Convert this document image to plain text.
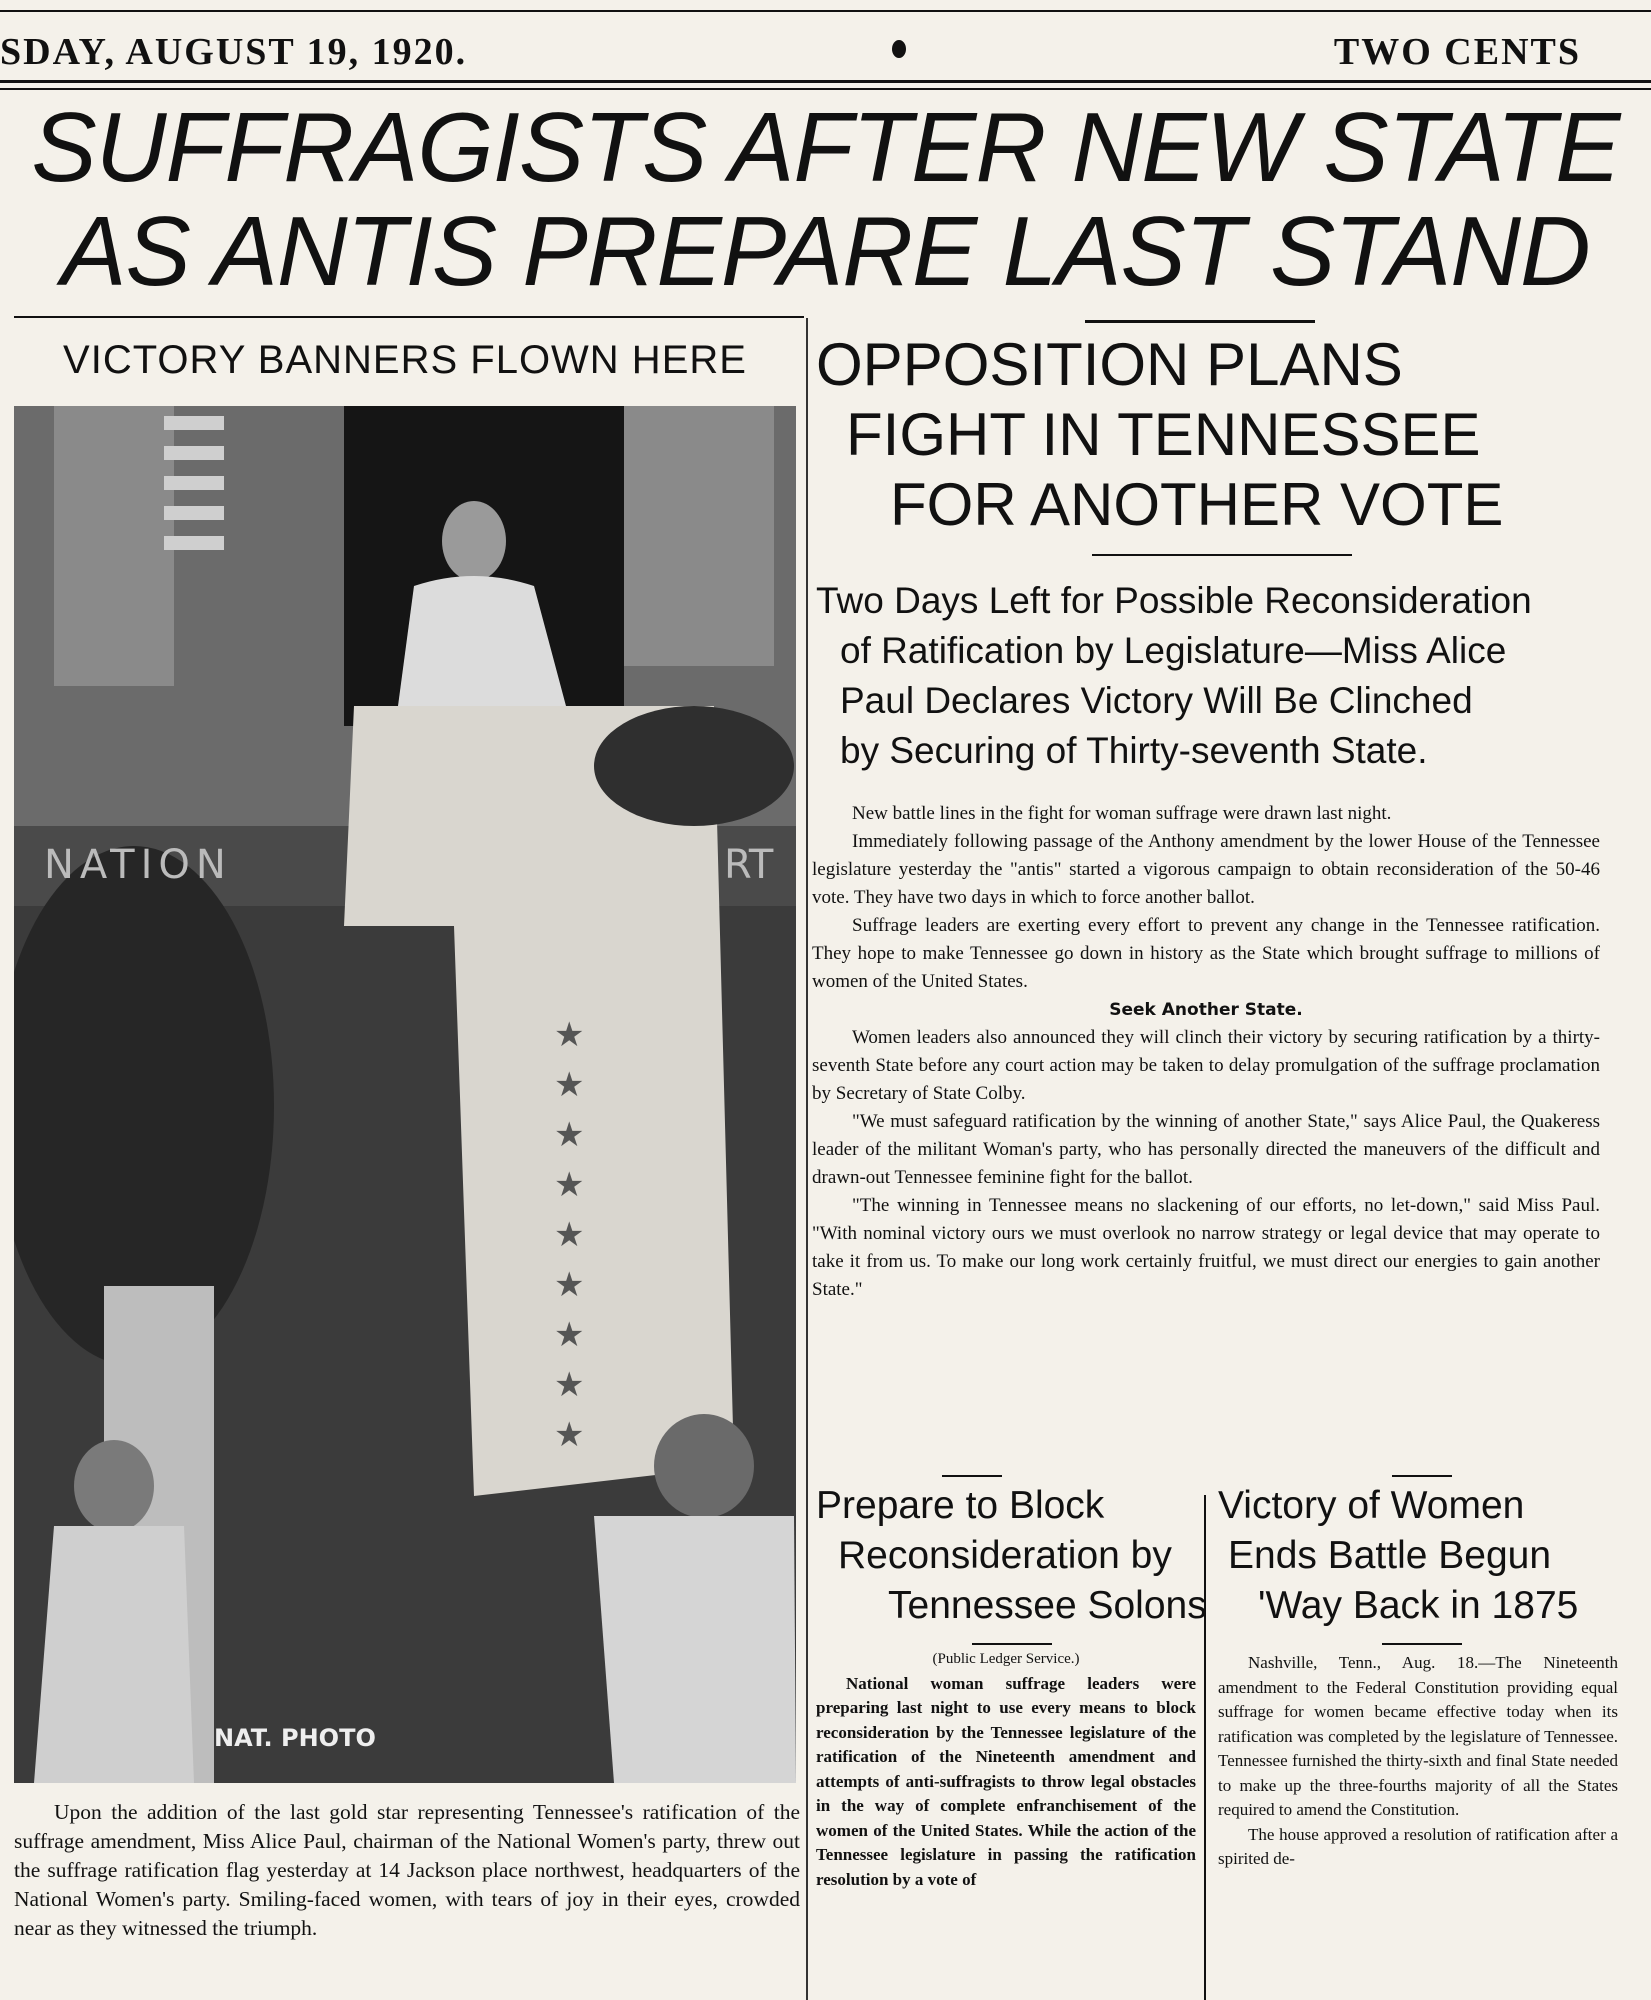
SDAY, AUGUST 19, 1920.	TWO CENTS
SUFFRAGISTS AFTER NEW STATE
AS ANTIS PREPARE LAST STAND
VICTORY BANNERS FLOWN HERE
★
★
★
★
★
★
★
★
★
NATION	RT
NAT. PHOTO
Upon the addition of the last gold star representing Tennessee's ratification of the suffrage amendment, Miss Alice Paul, chairman of the National Women's party, threw out the suffrage ratification flag yesterday at 14 Jackson place northwest, headquarters of the National Women's party. Smiling-faced women, with tears of joy in their eyes, crowded near as they witnessed the triumph.
OPPOSITION PLANS
FIGHT IN TENNESSEE
FOR ANOTHER VOTE
Two Days Left for Possible Reconsideration
of Ratification by Legislature—Miss Alice
Paul Declares Victory Will Be Clinched
by Securing of Thirty-seventh State.

New battle lines in the fight for woman suffrage were drawn last night.

Immediately following passage of the Anthony amendment by the lower House of the Tennessee legislature yesterday the "antis" started a vigorous campaign to obtain reconsideration of the 50-46 vote. They have two days in which to force another ballot.

Suffrage leaders are exerting every effort to prevent any change in the Tennessee ratification. They hope to make Tennessee go down in history as the State which brought suffrage to millions of women of the United States.

Seek Another State.

Women leaders also announced they will clinch their victory by securing ratification by a thirty-seventh State before any court action may be taken to delay promulgation of the suffrage proclamation by Secretary of State Colby.

"We must safeguard ratification by the winning of another State," says Alice Paul, the Quakeress leader of the militant Woman's party, who has personally directed the maneuvers of the difficult and drawn-out Tennessee feminine fight for the ballot.

"The winning in Tennessee means no slackening of our efforts, no let-down," said Miss Paul. "With nominal victory ours we must overlook no narrow strategy or legal device that may operate to take it from us. To make our long work certainly fruitful, we must direct our energies to gain another State."

Prepare to Block
Reconsideration by
Tennessee Solons
(Public Ledger Service.)

National woman suffrage leaders were preparing last night to use every means to block reconsideration by the Tennessee legislature of the ratification of the Nineteenth amendment and attempts of anti-suffragists to throw legal obstacles in the way of complete enfranchisement of the women of the United States. While the action of the Tennessee legislature in passing the ratification resolution by a vote of

Victory of Women
Ends Battle Begun
'Way Back in 1875

Nashville, Tenn., Aug. 18.—The Nineteenth amendment to the Federal Constitution providing equal suffrage for women became effective today when its ratification was completed by the legislature of Tennessee. Tennessee furnished the thirty-sixth and final State needed to make up the three-fourths majority of all the States required to amend the Constitution.

The house approved a resolution of ratification after a spirited de-
